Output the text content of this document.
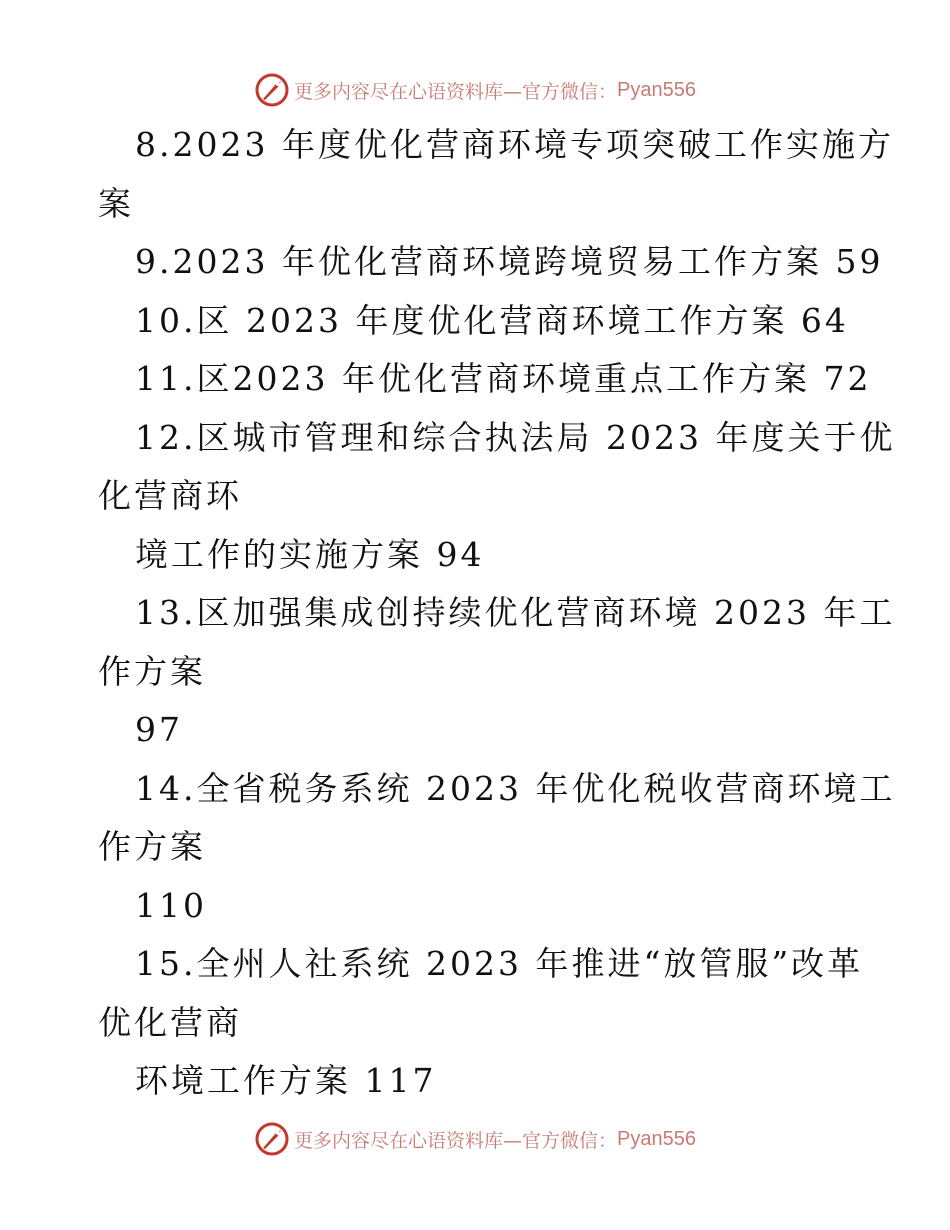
更多内容尽在心语资料库—官方微信： Pyan556
8.2023 年度优化营商环境专项突破工作实施方
案
9.2023 年优化营商环境跨境贸易工作方案 59
10.区 2023 年度优化营商环境工作方案 64
11.区2023 年优化营商环境重点工作方案 72
12.区城市管理和综合执法局 2023 年度关于优
化营商环
境工作的实施方案 94
13.区加强集成创持续优化营商环境 2023 年工
作方案
97
14.全省税务系统 2023 年优化税收营商环境工
作方案
110
15.全州人社系统 2023 年推进“放管服”改革
优化营商
环境工作方案 117
更多内容尽在心语资料库—官方微信： Pyan556
